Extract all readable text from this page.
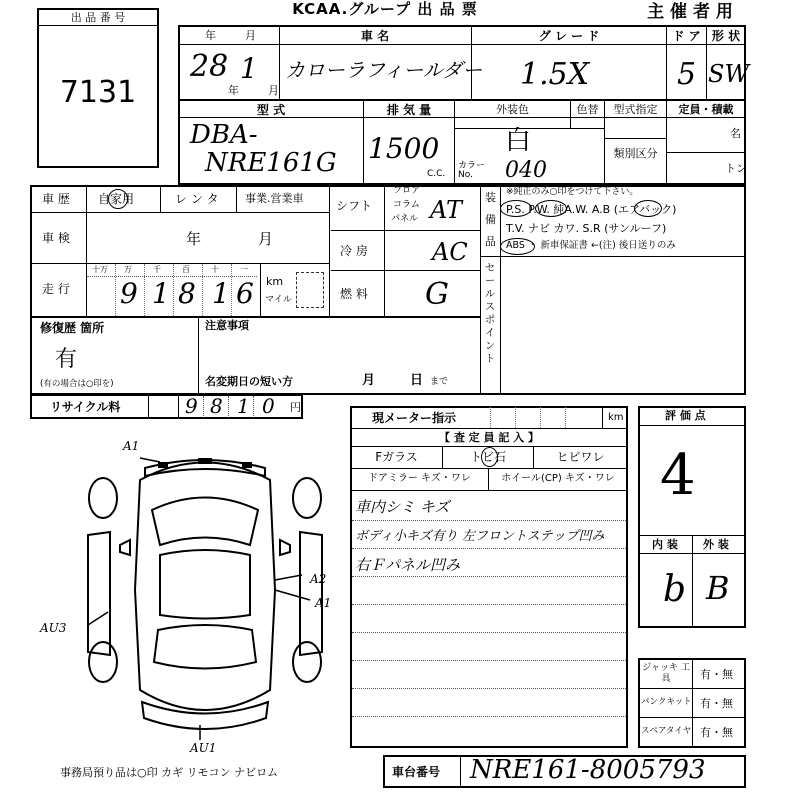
KCAA.グループ 出 品 票	主 催 者 用
出 品 番 号
7131
年	月
28 1
年	月
車 名
カローラフィールダー
グ レ ー ド
1.5X
ド ア
5
形 状
SW
型 式
DBA-
NRE161G
排 気 量
1500
C.C.
外装色	色替
白
カラー No.	040
型式指定
類別区分
定員・積載
名
トン
車 歴 自家用	レ ン タ 事業.営業車
車 検	年	月
走 行
十万 万	千	百	十	一
9 1 8 1 6 km
マイル
シフト
フロア
コラム
パネル AT
冷 房	AC
燃 料 G
装
備
品
※純正のみ○印をつけて下さい。
P.S. P.W. 純A.W. A.B (エアバック)
T.V. ナビ カワ. S.R (サンルーフ)
ABS ・ 新車保証書 ←(注) 後日送りのみ
セ
ー
ル
ス
ポ
イ
ン
ト
修復歴 箇所
有
(有の場合は○印を)
注意事項
名変期日の短い方	月	日 まで
リサイクル料	9 8 1 0 円
A1
A2
A1
AU3
AU1
事務局預り品は○印 カギ リモコン ナビロム
現メーター指示	km
【 査 定 員 記 入 】
Fガラス	トビ石	ヒビワレ
ドアミラー キズ・ワレ	ホイール(CP) キズ・ワレ
車内シミ キズ
ボディ小キズ有り 左フロントステップ凹み
右Ｆパネル凹み
評 価 点
4
内 装 外 装
b B
ジャッキ 工具	有・無
パンクキット 有・無
スペアタイヤ 有・無
車台番号 NRE161-8005793
